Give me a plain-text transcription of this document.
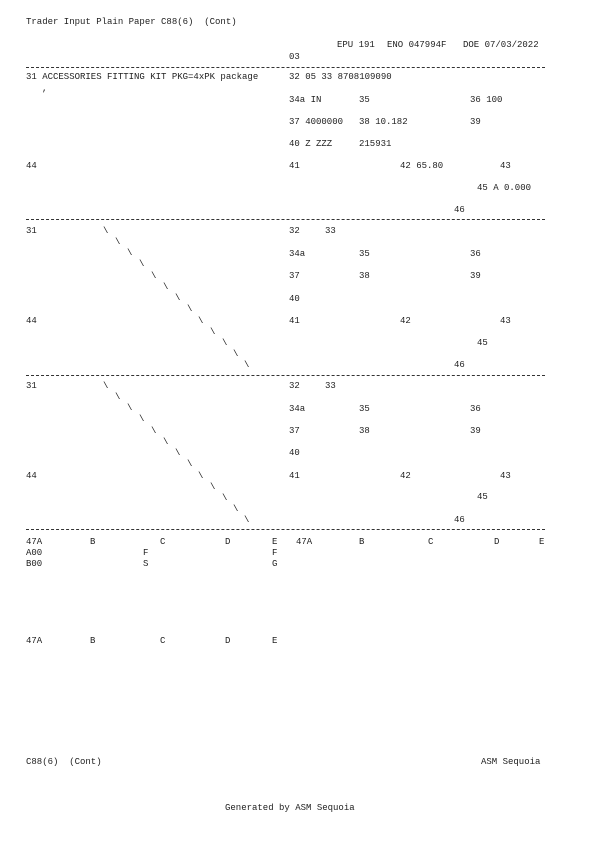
Trader Input Plain Paper C88(6)  (Cont)
EPU 191 ENO 047994F DOE 07/03/2022
03
31 ACCESSORIES FITTING KIT PKG=4xPK package
,
32 05 33 8708109090
34a IN	35	36 100
37 4000000 38 10.182	39
40 Z ZZZ	215931
44	41	42 65.80	43
45 A 0.000
46
31	32	33
34a	35	36
37	38	39
40
44	41	42	43
45
46
\
\
\
\
\
\
\
\
\
\
\
\
\
31	32	33
34a	35	36
37	38	39
40
44	41	42	43
45
46
\
\
\
\
\
\
\
\
\
\
\
\
\
47A	B	C	D	E
A00	F	F
B00	S	G
47A	B	C	D	E
47A	B	C	D	E
C88(6)  (Cont)	ASM Sequoia
Generated by ASM Sequoia
